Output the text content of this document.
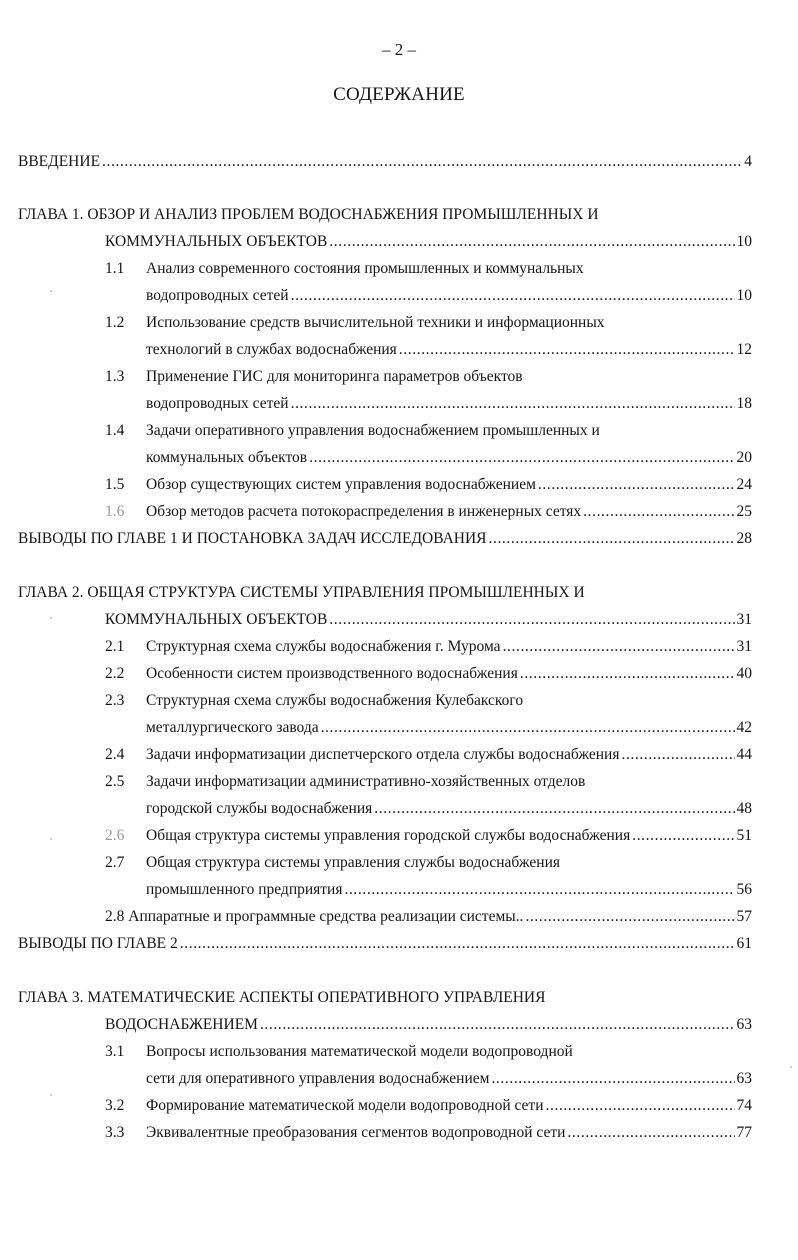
– 2 –
СОДЕРЖАНИЕ
ВВЕДЕНИЕ .....	4
ГЛАВА 1. ОБЗОР И АНАЛИЗ ПРОБЛЕМ ВОДОСНАБЖЕНИЯ ПРОМЫШЛЕННЫХ И
КОММУНАЛЬНЫХ ОБЪЕКТОВ .....	10
1.1 Анализ современного состояния промышленных и коммунальных
водопроводных сетей .....	10
1.2 Использование средств вычислительной техники и информационных
технологий в службах водоснабжения .....	12
1.3 Применение ГИС для мониторинга параметров объектов
водопроводных сетей .....	18
1.4 Задачи оперативного управления водоснабжением промышленных и
коммунальных объектов .....	20
1.5 Обзор существующих систем управления водоснабжением .....	24
1.6 Обзор методов расчета потокораспределения в инженерных сетях .....	25
ВЫВОДЫ ПО ГЛАВЕ 1 И ПОСТАНОВКА ЗАДАЧ ИССЛЕДОВАНИЯ .....	28
ГЛАВА 2. ОБЩАЯ СТРУКТУРА СИСТЕМЫ УПРАВЛЕНИЯ ПРОМЫШЛЕННЫХ И
КОММУНАЛЬНЫХ ОБЪЕКТОВ .....	31
2.1 Структурная схема службы водоснабжения г. Мурома .....	31
2.2 Особенности систем производственного водоснабжения .....	40
2.3 Структурная схема службы водоснабжения Кулебакского
металлургического завода .....	42
2.4 Задачи информатизации диспетчерского отдела службы водоснабжения .....	44
2.5 Задачи информатизации административно-хозяйственных отделов
городской службы водоснабжения .....	48
2.6 Общая структура системы управления городской службы водоснабжения .....	51
2.7 Общая структура системы управления службы водоснабжения
промышленного предприятия .....	56
2.8 Аппаратные и программные средства реализации системы.. .....	57
ВЫВОДЫ ПО ГЛАВЕ 2 .....	61
ГЛАВА 3. МАТЕМАТИЧЕСКИЕ АСПЕКТЫ ОПЕРАТИВНОГО УПРАВЛЕНИЯ
ВОДОСНАБЖЕНИЕМ .....	63
3.1 Вопросы использования математической модели водопроводной
сети для оперативного управления водоснабжением .....	63
3.2 Формирование математической модели водопроводной сети .....	74
3.3 Эквивалентные преобразования сегментов водопроводной сети .....	77
